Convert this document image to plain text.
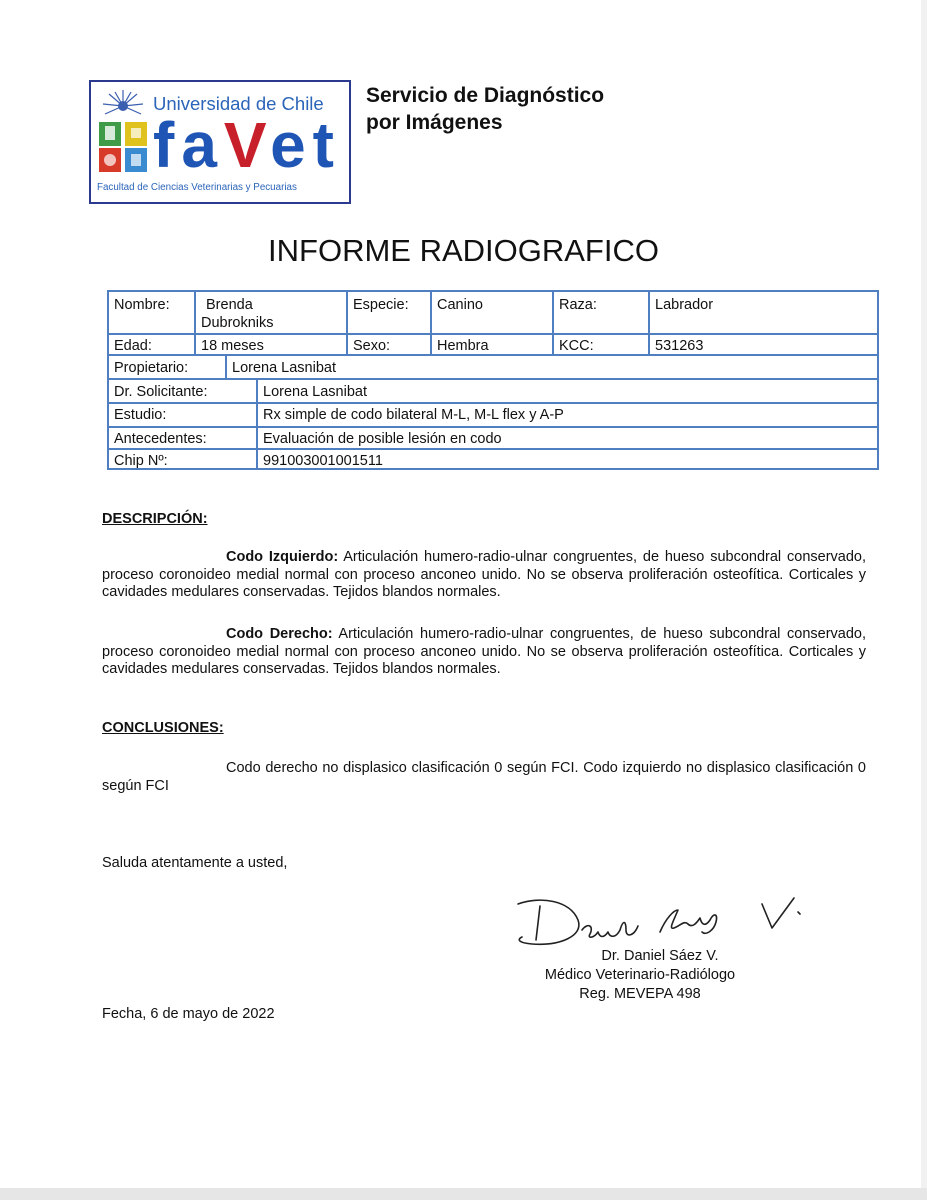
Universidad de Chile
faVet
Facultad de Ciencias Veterinarias y Pecuarias
Servicio de Diagnóstico
por Imágenes
INFORME RADIOGRAFICO
Nombre:	Brenda
Dubrokniks
Especie:	Canino	Raza:	Labrador
Edad:	18 meses	Sexo:	Hembra	KCC:	531263
Propietario:	Lorena Lasnibat
Dr. Solicitante:	Lorena Lasnibat
Estudio:	Rx simple de codo bilateral M-L, M-L flex y A-P
Antecedentes:	Evaluación de posible lesión en codo
Chip Nº:	991003001001511
DESCRIPCIÓN:
Codo Izquierdo: Articulación humero-radio-ulnar congruentes, de hueso subcondral conservado, proceso coronoideo medial normal con proceso anconeo unido. No se observa proliferación osteofítica. Corticales y cavidades medulares conservadas. Tejidos blandos normales.
Codo Derecho: Articulación humero-radio-ulnar congruentes, de hueso subcondral conservado, proceso coronoideo medial normal con proceso anconeo unido. No se observa proliferación osteofítica. Corticales y cavidades medulares conservadas. Tejidos blandos normales.
CONCLUSIONES:
Codo derecho no displasico clasificación 0 según FCI. Codo izquierdo no displasico clasificación 0 según FCI
Saluda atentamente a usted,
Dr. Daniel Sáez V.
Médico Veterinario-Radiólogo
Reg. MEVEPA 498
Fecha, 6 de mayo de 2022
